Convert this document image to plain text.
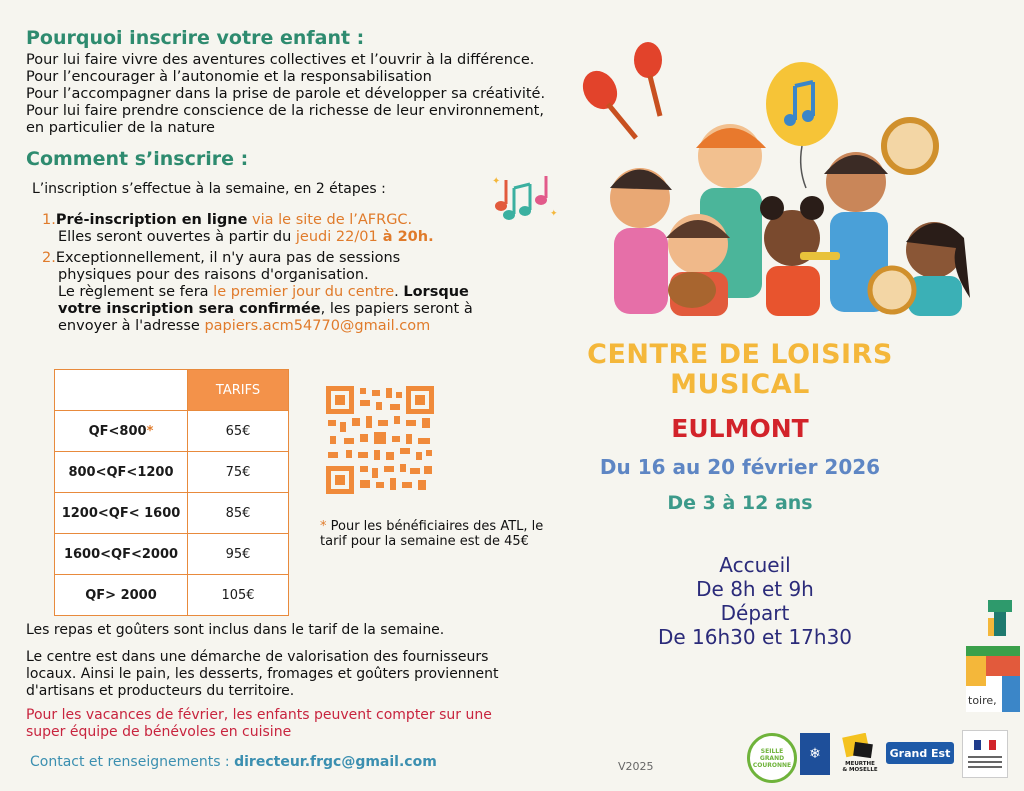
Pourquoi inscrire votre enfant :
Pour lui faire vivre des aventures collectives et l’ouvrir à la différence.
Pour l’encourager à l’autonomie et la responsabilisation
Pour l’accompagner dans la prise de parole et développer sa créativité.
Pour lui faire prendre conscience de la richesse de leur environnement,
en particulier de la nature
Comment s’inscrire :
L’inscription s’effectue à la semaine, en 2 étapes :
1.Pré-inscription en ligne via le site de l’AFRGC.
Elles seront ouvertes à partir du jeudi 22/01 à 20h.
2.Exceptionnellement, il n'y aura pas de sessions
physiques pour des raisons d'organisation.
Le règlement se fera le premier jour du centre. Lorsque
votre inscription sera confirmée, les papiers seront à
envoyer à l'adresse papiers.acm54770@gmail.com
	TARIFS
QF<800*	65€
800<QF<1200	75€
1200<QF< 1600	85€
1600<QF<2000	95€
QF> 2000	105€
* Pour les bénéficiaires des ATL, le
tarif pour la semaine est de 45€
Les repas et goûters sont inclus dans le tarif de la semaine.
Le centre est dans une démarche de valorisation des fournisseurs
locaux. Ainsi le pain, les desserts, fromages et goûters proviennent
d'artisans et producteurs du territoire.
Pour les vacances de février, les enfants peuvent compter sur une
super équipe de bénévoles en cuisine
Contact et renseignements : directeur.frgc@gmail.com	V2025
✦
✦
CENTRE DE LOISIRS
MUSICAL
EULMONT
Du 16 au 20 février 2026
De 3 à 12 ans
Accueil
De 8h et 9h
Départ
De 16h30 et 17h30
toire,
SEILLE GRAND COURONNE
❄
MEURTHE & MOSELLE
Grand Est
